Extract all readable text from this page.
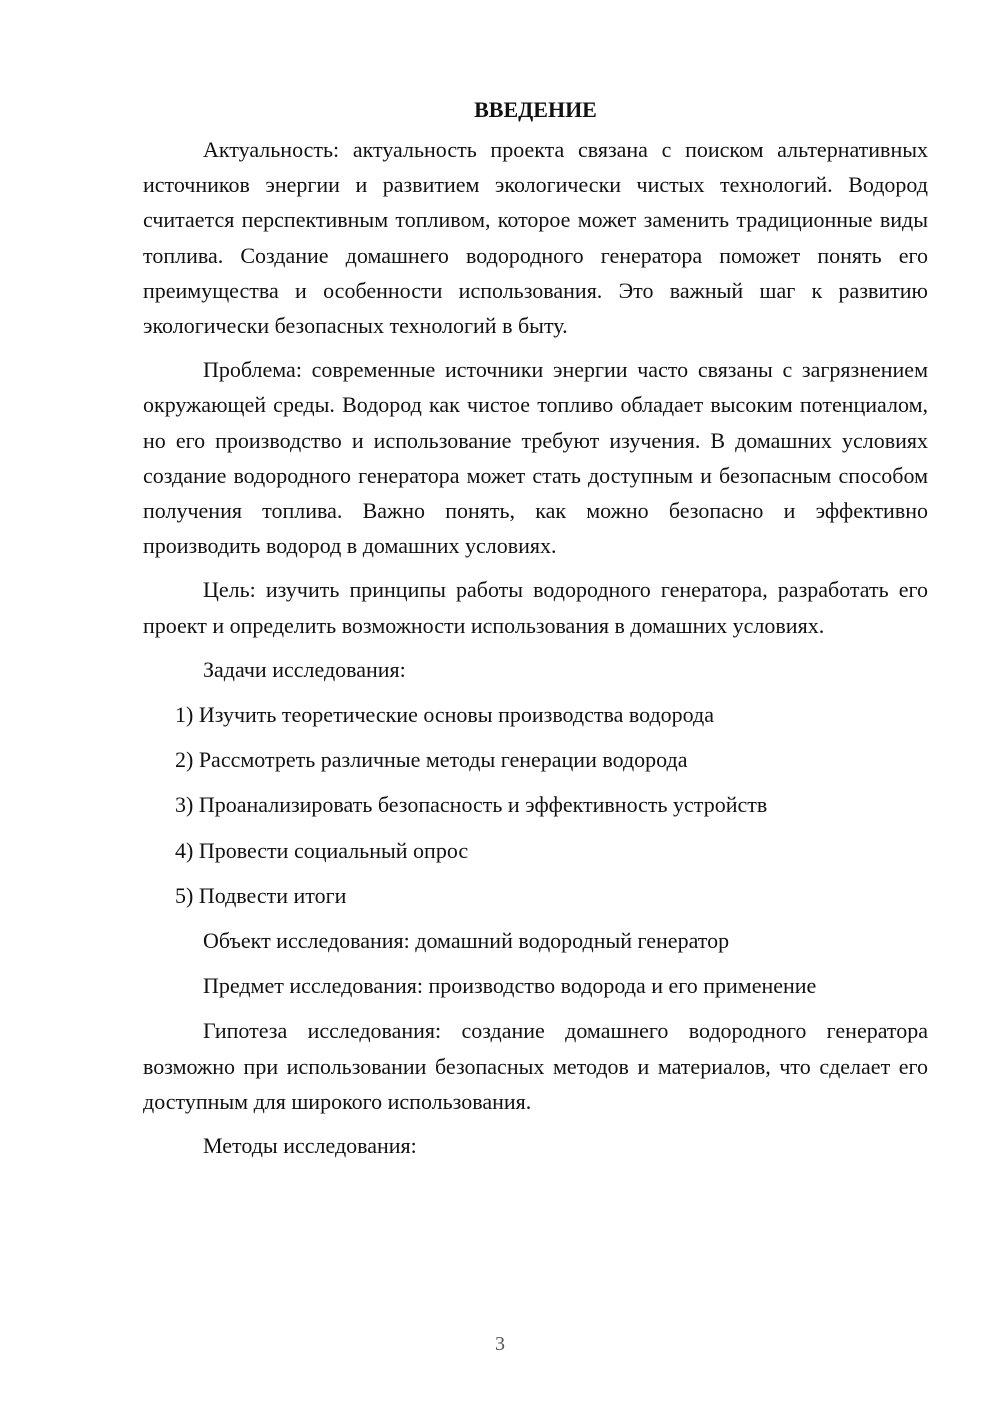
ВВЕДЕНИЕ

Актуальность: актуальность проекта связана с поиском альтернативных источников энергии и развитием экологически чистых технологий. Водород считается перспективным топливом, которое может заменить традиционные виды топлива. Создание домашнего водородного генератора поможет понять его преимущества и особенности использования. Это важный шаг к развитию экологически безопасных технологий в быту.

Проблема: современные источники энергии часто связаны с загрязнением окружающей среды. Водород как чистое топливо обладает высоким потенциалом, но его производство и использование требуют изучения. В домашних условиях создание водородного генератора может стать доступным и безопасным способом получения топлива. Важно понять, как можно безопасно и эффективно производить водород в домашних условиях.

Цель: изучить принципы работы водородного генератора, разработать его проект и определить возможности использования в домашних условиях.

Задачи исследования:

1) Изучить теоретические основы производства водорода

2) Рассмотреть различные методы генерации водорода

3) Проанализировать безопасность и эффективность устройств

4) Провести социальный опрос

5) Подвести итоги

Объект исследования: домашний водородный генератор

Предмет исследования: производство водорода и его применение

Гипотеза исследования: создание домашнего водородного генератора возможно при использовании безопасных методов и материалов, что сделает его доступным для широкого использования.

Методы исследования:

3
